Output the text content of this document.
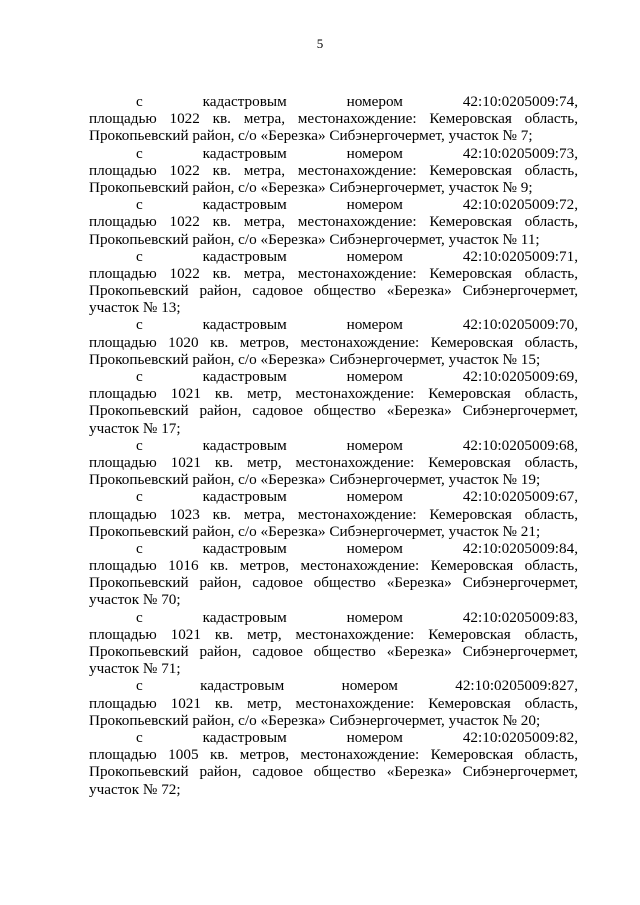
5
с кадастровым номером 42:10:0205009:74,
площадью 1022 кв. метра, местонахождение: Кемеровская область,
Прокопьевский район, с/о «Березка» Сибэнергочермет, участок № 7;
с кадастровым номером 42:10:0205009:73,
площадью 1022 кв. метра, местонахождение: Кемеровская область,
Прокопьевский район, с/о «Березка» Сибэнергочермет, участок № 9;
с кадастровым номером 42:10:0205009:72,
площадью 1022 кв. метра, местонахождение: Кемеровская область,
Прокопьевский район, с/о «Березка» Сибэнергочермет, участок № 11;
с кадастровым номером 42:10:0205009:71,
площадью 1022 кв. метра, местонахождение: Кемеровская область,
Прокопьевский район, садовое общество «Березка» Сибэнергочермет,
участок № 13;
с кадастровым номером 42:10:0205009:70,
площадью 1020 кв. метров, местонахождение: Кемеровская область,
Прокопьевский район, с/о «Березка» Сибэнергочермет, участок № 15;
с кадастровым номером 42:10:0205009:69,
площадью 1021 кв. метр, местонахождение: Кемеровская область,
Прокопьевский район, садовое общество «Березка» Сибэнергочермет,
участок № 17;
с кадастровым номером 42:10:0205009:68,
площадью 1021 кв. метр, местонахождение: Кемеровская область,
Прокопьевский район, с/о «Березка» Сибэнергочермет, участок № 19;
с кадастровым номером 42:10:0205009:67,
площадью 1023 кв. метра, местонахождение: Кемеровская область,
Прокопьевский район, с/о «Березка» Сибэнергочермет, участок № 21;
с кадастровым номером 42:10:0205009:84,
площадью 1016 кв. метров, местонахождение: Кемеровская область,
Прокопьевский район, садовое общество «Березка» Сибэнергочермет,
участок № 70;
с кадастровым номером 42:10:0205009:83,
площадью 1021 кв. метр, местонахождение: Кемеровская область,
Прокопьевский район, садовое общество «Березка» Сибэнергочермет,
участок № 71;
с кадастровым номером 42:10:0205009:827,
площадью 1021 кв. метр, местонахождение: Кемеровская область,
Прокопьевский район, с/о «Березка» Сибэнергочермет, участок № 20;
с кадастровым номером 42:10:0205009:82,
площадью 1005 кв. метров, местонахождение: Кемеровская область,
Прокопьевский район, садовое общество «Березка» Сибэнергочермет,
участок № 72;
